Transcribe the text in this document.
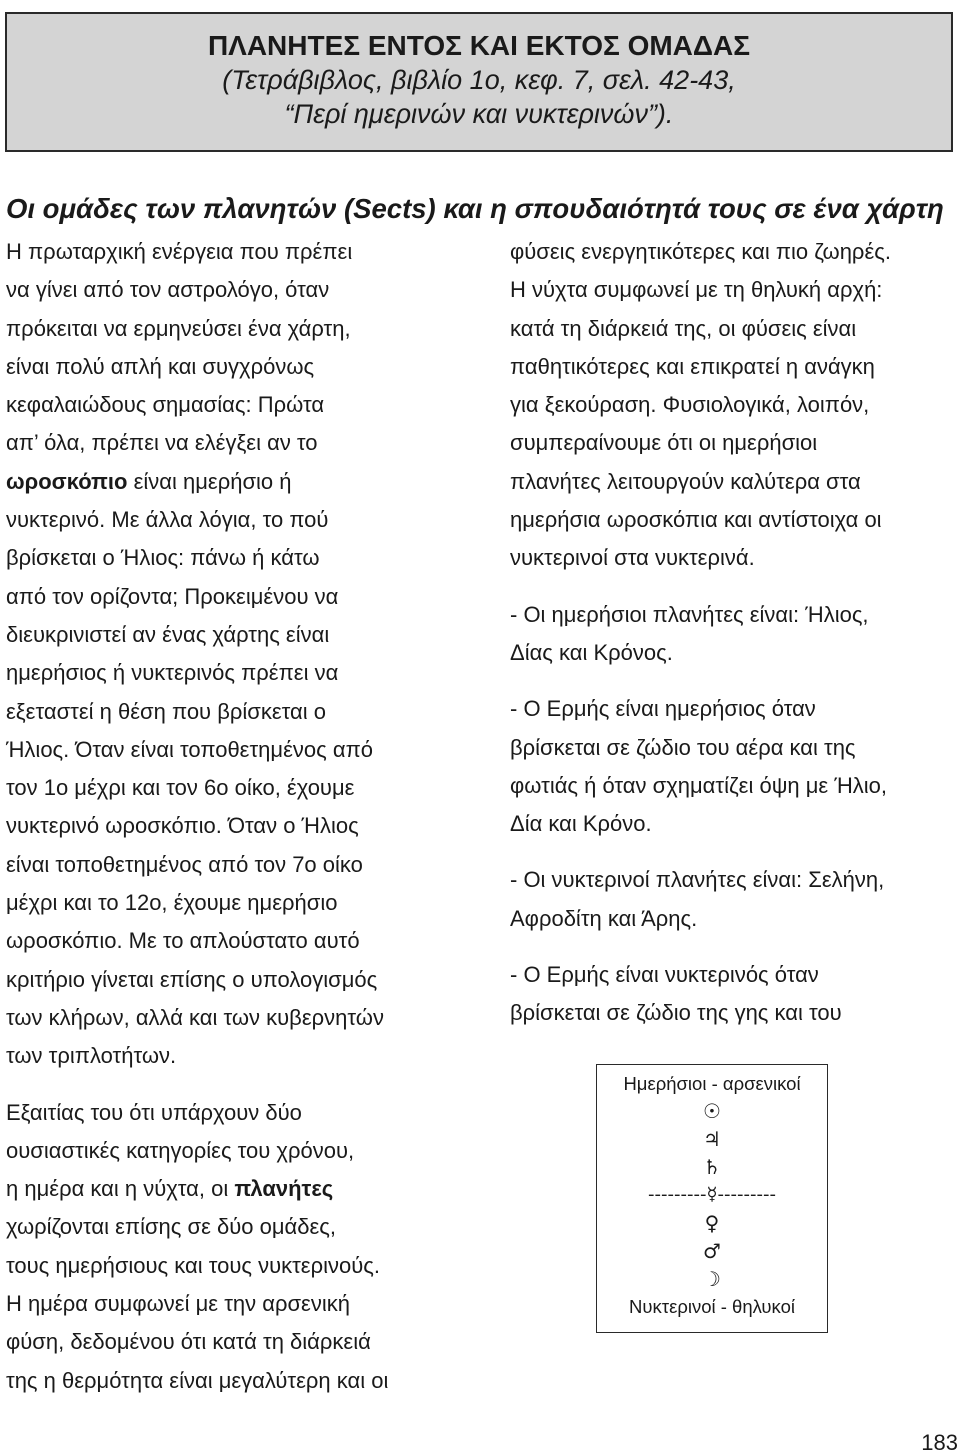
ΠΛΑΝΗΤΕΣ ΕΝΤΟΣ ΚΑΙ ΕΚΤΟΣ ΟΜΑΔΑΣ

(Τετράβιβλος, βιβλίο 1ο, κεφ. 7, σελ. 42-43,

“Περί ημερινών και νυκτερινών”).

Οι ομάδες των πλανητών (Sects) και η σπουδαιότητά τους σε ένα χάρτη

Η πρωταρχική ενέργεια που πρέπει
να γίνει από τον αστρολόγο, όταν
πρόκειται να ερμηνεύσει ένα χάρτη,
είναι πολύ απλή και συγχρόνως
κεφαλαιώδους σημασίας: Πρώτα
απ’ όλα, πρέπει να ελέγξει αν το
ωροσκόπιο είναι ημερήσιο ή
νυκτερινό. Με άλλα λόγια, το πού
βρίσκεται ο Ήλιος: πάνω ή κάτω
από τον ορίζοντα; Προκειμένου να
διευκρινιστεί αν ένας χάρτης είναι
ημερήσιος ή νυκτερινός πρέπει να
εξεταστεί η θέση που βρίσκεται ο
Ήλιος. Όταν είναι τοποθετημένος από
τον 1ο μέχρι και τον 6ο οίκο, έχουμε
νυκτερινό ωροσκόπιο. Όταν ο Ήλιος
είναι τοποθετημένος από τον 7ο οίκο
μέχρι και το 12ο, έχουμε ημερήσιο
ωροσκόπιο. Με το απλούστατο αυτό
κριτήριο γίνεται επίσης ο υπολογισμός
των κλήρων, αλλά και των κυβερνητών
των τριπλοτήτων.

Εξαιτίας του ότι υπάρχουν δύο
ουσιαστικές κατηγορίες του χρόνου,
η ημέρα και η νύχτα, οι πλανήτες
χωρίζονται επίσης σε δύο ομάδες,
τους ημερήσιους και τους νυκτερινούς.
Η ημέρα συμφωνεί με την αρσενική
φύση, δεδομένου ότι κατά τη διάρκειά
της η θερμότητα είναι μεγαλύτερη και οι

φύσεις ενεργητικότερες και πιο ζωηρές.
Η νύχτα συμφωνεί με τη θηλυκή αρχή:
κατά τη διάρκειά της, οι φύσεις είναι
παθητικότερες και επικρατεί η ανάγκη
για ξεκούραση. Φυσιολογικά, λοιπόν,
συμπεραίνουμε ότι οι ημερήσιοι
πλανήτες λειτουργούν καλύτερα στα
ημερήσια ωροσκόπια και αντίστοιχα οι
νυκτερινοί στα νυκτερινά.

- Οι ημερήσιοι πλανήτες είναι: Ήλιος,
Δίας και Κρόνος.

- Ο Ερμής είναι ημερήσιος όταν
βρίσκεται σε ζώδιο του αέρα και της
φωτιάς ή όταν σχηματίζει όψη με Ήλιο,
Δία και Κρόνο.

- Οι νυκτερινοί πλανήτες είναι: Σελήνη,
Αφροδίτη και Άρης.

- Ο Ερμής είναι νυκτερινός όταν
βρίσκεται σε ζώδιο της γης και του

Ημερήσιοι - αρσενικοί
☉
♃
♄
---------☿---------
♀
♂
☽
Νυκτερινοί - θηλυκοί
183
